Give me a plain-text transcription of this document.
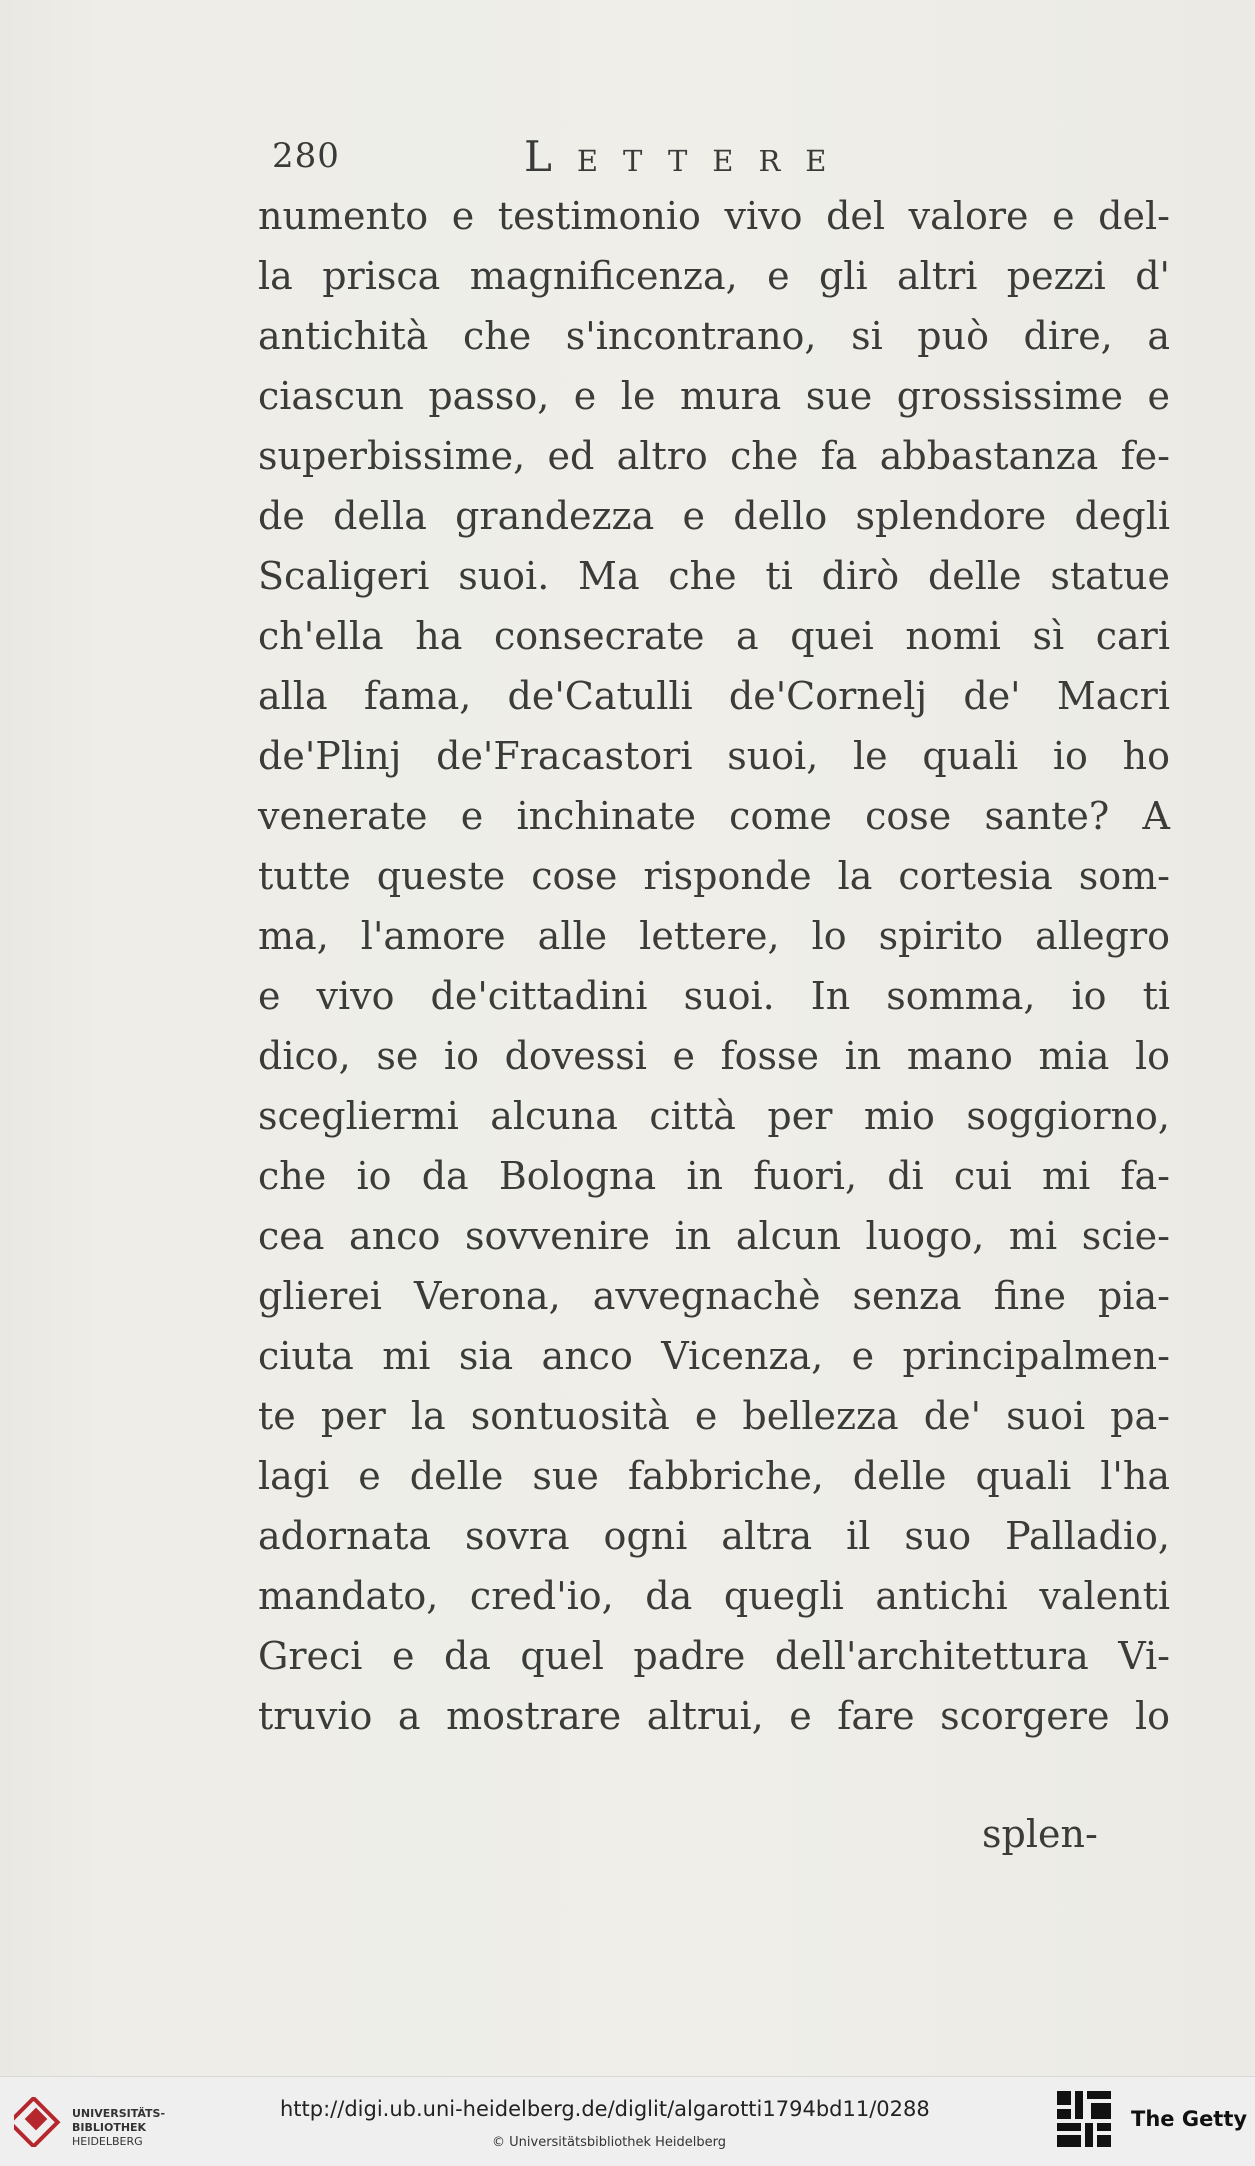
280	Lettere
numento e testimonio vivo del valore e del-
la prisca magnificenza, e gli altri pezzi d'
antichità che s'incontrano, si può dire, a
ciascun passo, e le mura sue grossissime e
superbissime, ed altro che fa abbastanza fe-
de della grandezza e dello splendore degli
Scaligeri suoi. Ma che ti dirò delle statue
ch'ella ha consecrate a quei nomi sì cari
alla fama, de'Catulli de'Cornelj de' Macri
de'Plinj de'Fracastori suoi, le quali io ho
venerate e inchinate come cose sante? A
tutte queste cose risponde la cortesia som-
ma, l'amore alle lettere, lo spirito allegro
e vivo de'cittadini suoi. In somma, io ti
dico, se io dovessi e fosse in mano mia lo
scegliermi alcuna città per mio soggiorno,
che io da Bologna in fuori, di cui mi fa-
cea anco sovvenire in alcun luogo, mi scie-
glierei Verona, avvegnachè senza fine pia-
ciuta mi sia anco Vicenza, e principalmen-
te per la sontuosità e bellezza de' suoi pa-
lagi e delle sue fabbriche, delle quali l'ha
adornata sovra ogni altra il suo Palladio,
mandato, cred'io, da quegli antichi valenti
Greci e da quel padre dell'architettura Vi-
truvio a mostrare altrui, e fare scorgere lo
splen-
UNIVERSITÄTS-
BIBLIOTHEK
HEIDELBERG
http://digi.ub.uni-heidelberg.de/diglit/algarotti1794bd11/0288
© Universitätsbibliothek Heidelberg
The Getty
